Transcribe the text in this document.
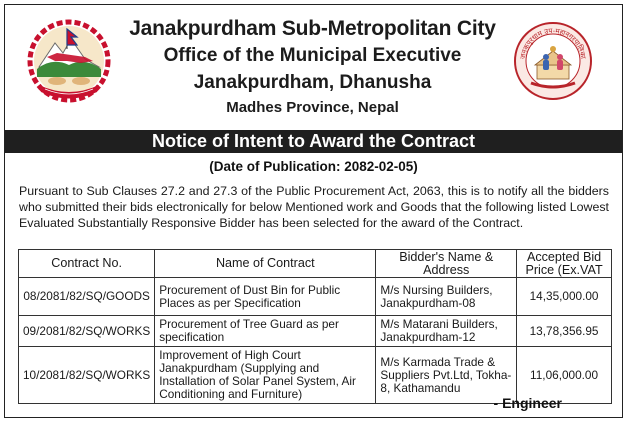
Janakpurdham Sub-Metropolitan City
Office of the Municipal Executive
Janakpurdham, Dhanusha
Madhes Province, Nepal
जनकपुरधाम उप-महानगरपालिका
Notice of Intent to Award the Contract
(Date of Publication: 2082-02-05)
Pursuant to Sub Clauses 27.2 and 27.3 of the Public Procurement Act, 2063, this is to notify all the bidders who submitted their bids electronically for below Mentioned work and Goods that the following listed Lowest Evaluated Substantially Responsive Bidder has been selected for the award of the Contract.
Contract No.	Name of Contract	Bidder's Name & Address	Accepted Bid Price (Ex.VAT
08/2081/82/SQ/GOODS	Procurement of Dust Bin for Public Places as per Specification	M/s Nursing Builders, Janakpurdham-08	14,35,000.00
09/2081/82/SQ/WORKS	Procurement of Tree Guard as per specification	M/s Matarani Builders, Janakpurdham-12	13,78,356.95
10/2081/82/SQ/WORKS	Improvement of High Court Janakpurdham (Supplying and Installation of Solar Panel System, Air Conditioning and Furniture)	M/s Karmada Trade & Suppliers Pvt.Ltd, Tokha-8, Kathamandu	11,06,000.00
- Engineer
